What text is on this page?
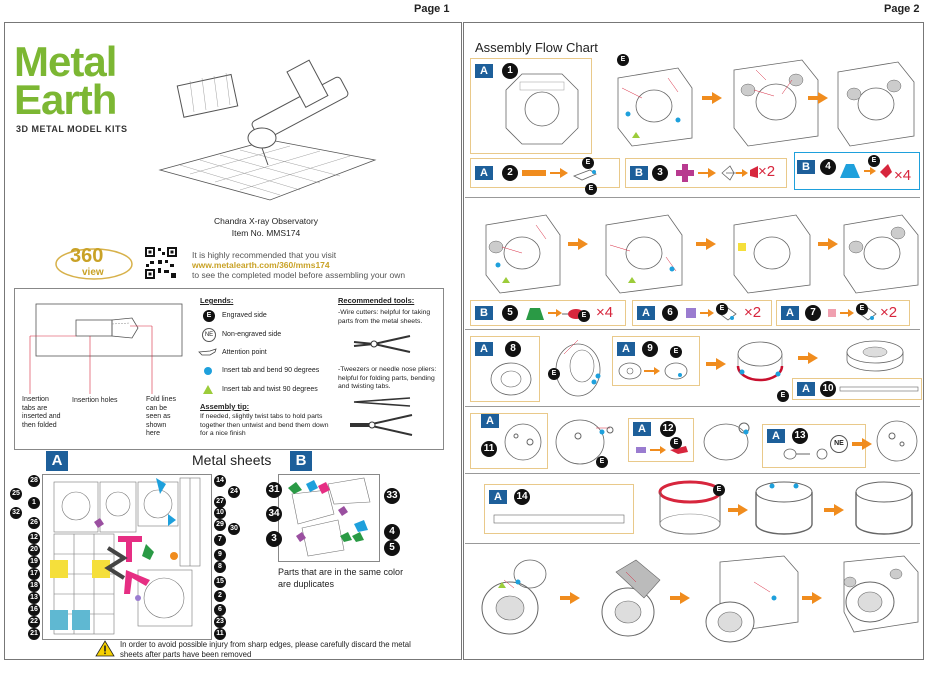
Page 1
Metal
Earth
3D METAL MODEL KITS
Chandra X-ray Observatory
Item No. MMS174
360
view
It is highly recommended that you visit
www.metalearth.com/360/mms174
to see the completed model before assembling your own
Insertion tabs are inserted and then folded
Insertion holes	Fold lines can be seen as shown here
Legends:
E	Engraved side
NE	Non-engraved side
Attention point
Insert tab and bend 90 degrees
Insert tab and twist 90 degrees
Assembly tip:
If needed, slightly twist tabs to hold parts together then untwist and bend them down for a nice finish
Recommended tools:
-Wire cutters: helpful for taking parts from the metal sheets.
-Tweezers or needle nose pliers: helpful for folding parts, bending and twisting tabs.
A	Metal sheets	B
28
25
1
32
26
12
20
19
17
18
13
16
22
21
14
24
27
10
29
30
7
9
8
15
2
6
23
11
31
34
3
33
4
5
Parts that are in the same color are duplicates
In order to avoid possible injury from sharp edges, please carefully discard the metal sheets after parts have been removed
Page 2
Assembly Flow Chart
A	1
E
A	2
E
E
B	3	×2	B	4
E
×4
B	5	E ×4	A	6	E ×2	A	7	E ×2
A	8
E
A	9	E
E
A	10
A
11
E
A	12
E
A	13
NE
A	14
E
